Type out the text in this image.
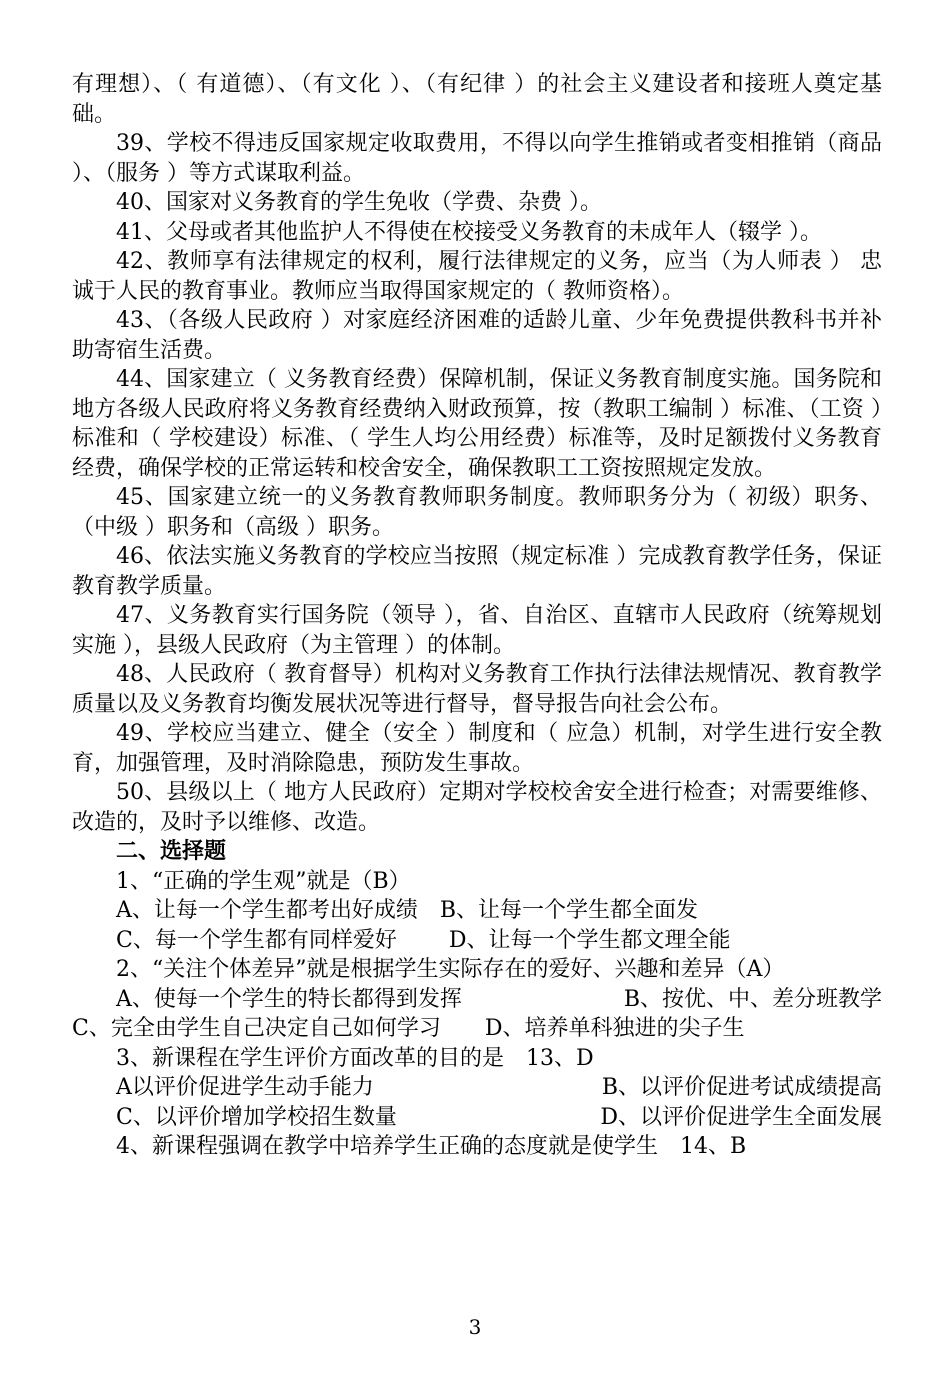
有理想）、（ 有道德）、（有文化 ）、（有纪律 ）的社会主义建设者和接班人奠定基础。

39、学校不得违反国家规定收取费用，不得以向学生推销或者变相推销（商品 ）、（服务 ）等方式谋取利益。

40、国家对义务教育的学生免收（学费、杂费 ）。

41、父母或者其他监护人不得使在校接受义务教育的未成年人（辍学 ）。

42、教师享有法律规定的权利，履行法律规定的义务，应当（为人师表 ） 忠诚于人民的教育事业。教师应当取得国家规定的（ 教师资格）。

43、（各级人民政府 ）对家庭经济困难的适龄儿童、少年免费提供教科书并补助寄宿生活费。

44、国家建立（ 义务教育经费）保障机制，保证义务教育制度实施。国务院和地方各级人民政府将义务教育经费纳入财政预算，按（教职工编制 ）标准、（工资 ）标准和（ 学校建设）标准、（ 学生人均公用经费）标准等，及时足额拨付义务教育经费，确保学校的正常运转和校舍安全，确保教职工工资按照规定发放。

45、国家建立统一的义务教育教师职务制度。教师职务分为（ 初级）职务、（中级 ）职务和（高级 ）职务。

46、依法实施义务教育的学校应当按照（规定标准 ）完成教育教学任务，保证教育教学质量。

47、义务教育实行国务院（领导 ），省、自治区、直辖市人民政府（统筹规划实施 ），县级人民政府（为主管理 ）的体制。

48、人民政府（ 教育督导）机构对义务教育工作执行法律法规情况、教育教学质量以及义务教育均衡发展状况等进行督导，督导报告向社会公布。

49、学校应当建立、健全（安全 ）制度和（ 应急）机制，对学生进行安全教育，加强管理，及时消除隐患，预防发生事故。

50、县级以上（ 地方人民政府）定期对学校校舍安全进行检查；对需要维修、改造的，及时予以维修、改造。

二、选择题

1、“正确的学生观”就是（B）

A、让每一个学生都考出好成绩 B、让每一个学生都全面发

C、每一个学生都有同样爱好 D、让每一个学生都文理全能

2、“关注个体差异”就是根据学生实际存在的爱好、兴趣和差异（A）

A、使每一个学生的特长都得到发挥	B、按优、中、差分班教学

C、完全由学生自己决定自己如何学习 D、培养单科独进的尖子生

3、新课程在学生评价方面改革的目的是　13、D

A以评价促进学生动手能力	B、以评价促进考试成绩提高

C、以评价增加学校招生数量	D、以评价促进学生全面发展

4、新课程强调在教学中培养学生正确的态度就是使学生　14、B

3
